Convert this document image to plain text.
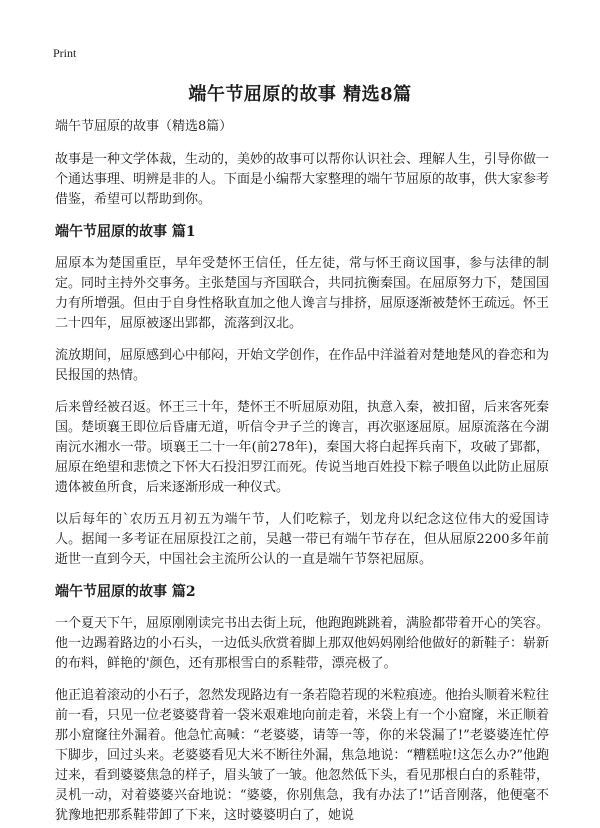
Print
端午节屈原的故事 精选8篇
端午节屈原的故事（精选8篇）

故事是一种文学体裁，生动的，美妙的故事可以帮你认识社会、理解人生，引导你做一个通达事理、明辨是非的人。下面是小编帮大家整理的端午节屈原的故事，供大家参考借鉴，希望可以帮助到你。

端午节屈原的故事 篇1

屈原本为楚国重臣，早年受楚怀王信任，任左徒，常与怀王商议国事，参与法律的制定。同时主持外交事务。主张楚国与齐国联合，共同抗衡秦国。在屈原努力下，楚国国力有所增强。但由于自身性格耿直加之他人谗言与排挤，屈原逐渐被楚怀王疏远。怀王二十四年，屈原被逐出郢都，流落到汉北。

流放期间，屈原感到心中郁闷，开始文学创作，在作品中洋溢着对楚地楚风的眷恋和为民报国的热情。

后来曾经被召返。怀王三十年，楚怀王不听屈原劝阻，执意入秦，被扣留，后来客死秦国。楚顷襄王即位后昏庸无道，听信令尹子兰的谗言，再次驱逐屈原。屈原流落在今湖南沅水湘水一带。顷襄王二十一年(前278年)，秦国大将白起挥兵南下，攻破了郢都，屈原在绝望和悲愤之下怀大石投汨罗江而死。传说当地百姓投下粽子喂鱼以此防止屈原遗体被鱼所食，后来逐渐形成一种仪式。

以后每年的`农历五月初五为端午节，人们吃粽子，划龙舟以纪念这位伟大的爱国诗人。据闻一多考证在屈原投江之前，吴越一带已有端午节存在，但从屈原2200多年前逝世一直到今天，中国社会主流所公认的一直是端午节祭祀屈原。

端午节屈原的故事 篇2

一个夏天下午，屈原刚刚读完书出去街上玩，他跑跑跳跳着，满脸都带着开心的笑容。他一边踢着路边的小石头，一边低头欣赏着脚上那双他妈妈刚给他做好的新鞋子：崭新的布料，鲜艳的'颜色，还有那根雪白的系鞋带，漂亮极了。

他正追着滚动的小石子，忽然发现路边有一条若隐若现的米粒痕迹。他抬头顺着米粒往前一看，只见一位老婆婆背着一袋米艰难地向前走着，米袋上有一个小窟窿，米正顺着那小窟窿往外漏着。他急忙高喊：“老婆婆，请等一等，你的米袋漏了!”老婆婆连忙停下脚步，回过头来。老婆婆看见大米不断往外漏，焦急地说：“糟糕啦!这怎么办?”他跑过来，看到婆婆焦急的样子，眉头皱了一皱。他忽然低下头，看见那根白白的系鞋带，灵机一动，对着婆婆兴奋地说：“婆婆，你别焦急，我有办法了!”话音刚落，他便毫不犹豫地把那系鞋带卸了下来，这时婆婆明白了，她说
